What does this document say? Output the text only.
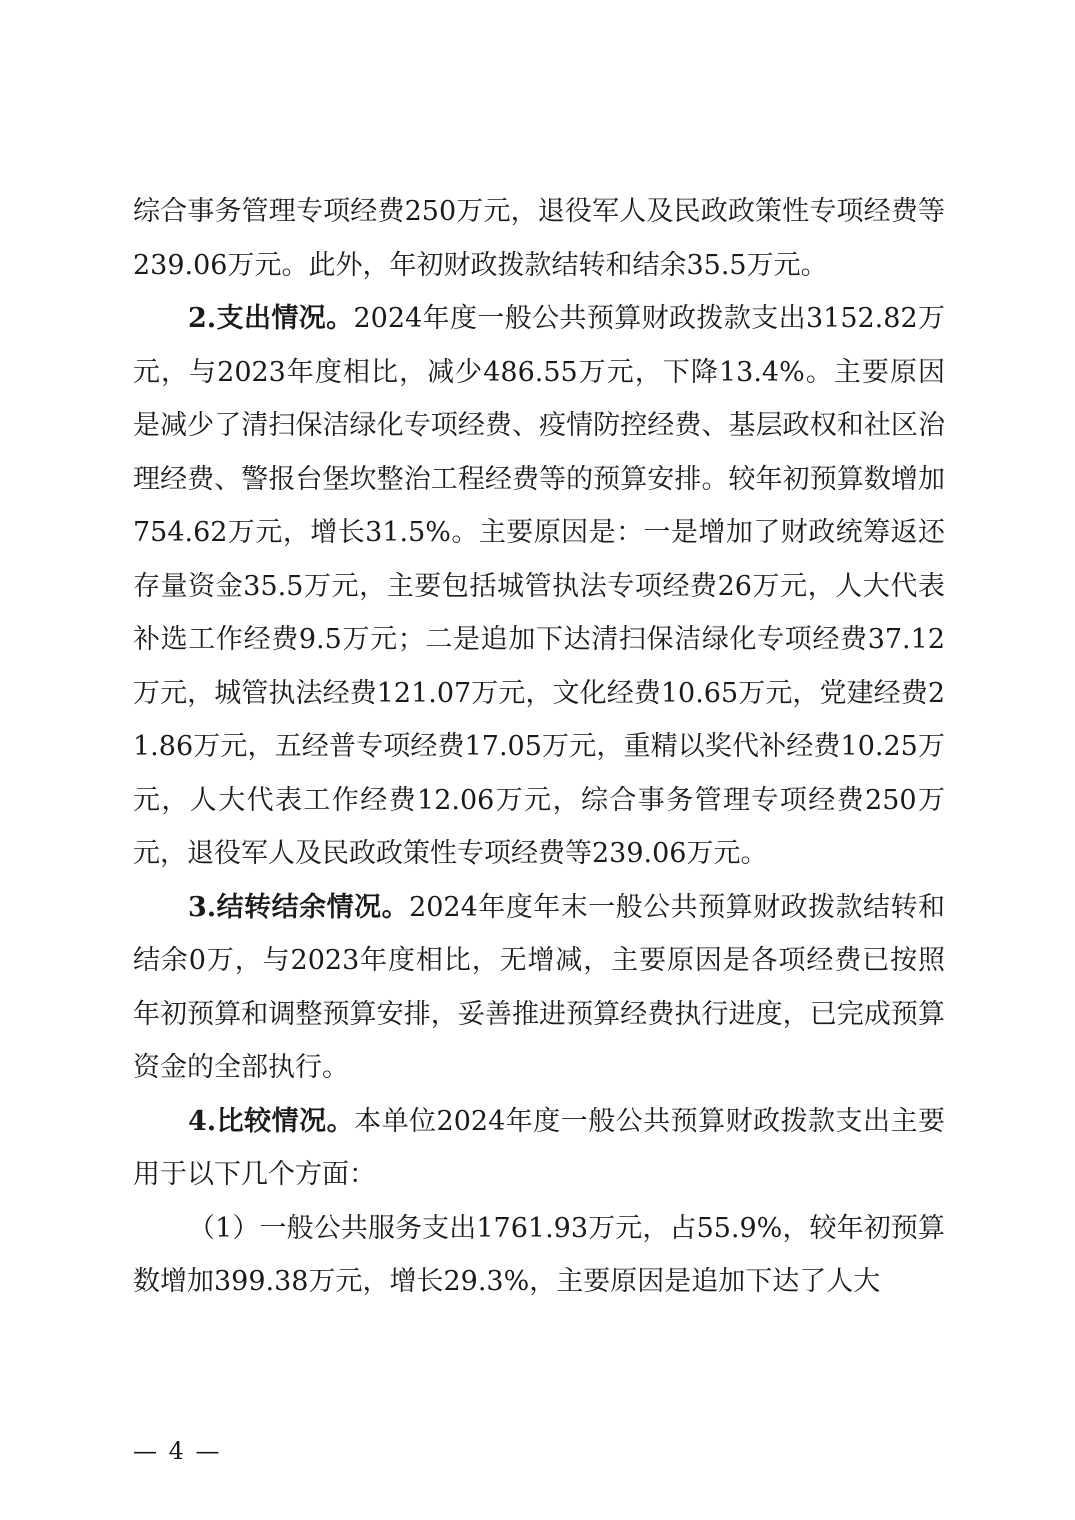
综合事务管理专项经费250万元，退役军人及民政政策性专项经费等239.06万元。此外，年初财政拨款结转和结余35.5万元。

2.支出情况。2024年度一般公共预算财政拨款支出3152.82万元，与2023年度相比，减少486.55万元，下降13.4%。主要原因是减少了清扫保洁绿化专项经费、疫情防控经费、基层政权和社区治理经费、警报台堡坎整治工程经费等的预算安排。较年初预算数增加754.62万元，增长31.5%。主要原因是：一是增加了财政统筹返还存量资金35.5万元，主要包括城管执法专项经费26万元，人大代表补选工作经费9.5万元；二是追加下达清扫保洁绿化专项经费37.12万元，城管执法经费121.07万元，文化经费10.65万元，党建经费21.86万元，五经普专项经费17.05万元，重精以奖代补经费10.25万元，人大代表工作经费12.06万元，综合事务管理专项经费250万元，退役军人及民政政策性专项经费等239.06万元。

3.结转结余情况。2024年度年末一般公共预算财政拨款结转和结余0万，与2023年度相比，无增减，主要原因是各项经费已按照年初预算和调整预算安排，妥善推进预算经费执行进度，已完成预算资金的全部执行。

4.比较情况。本单位2024年度一般公共预算财政拨款支出主要用于以下几个方面：

（1）一般公共服务支出1761.93万元，占55.9%，较年初预算数增加399.38万元，增长29.3%，主要原因是追加下达了人大

— 4 —
